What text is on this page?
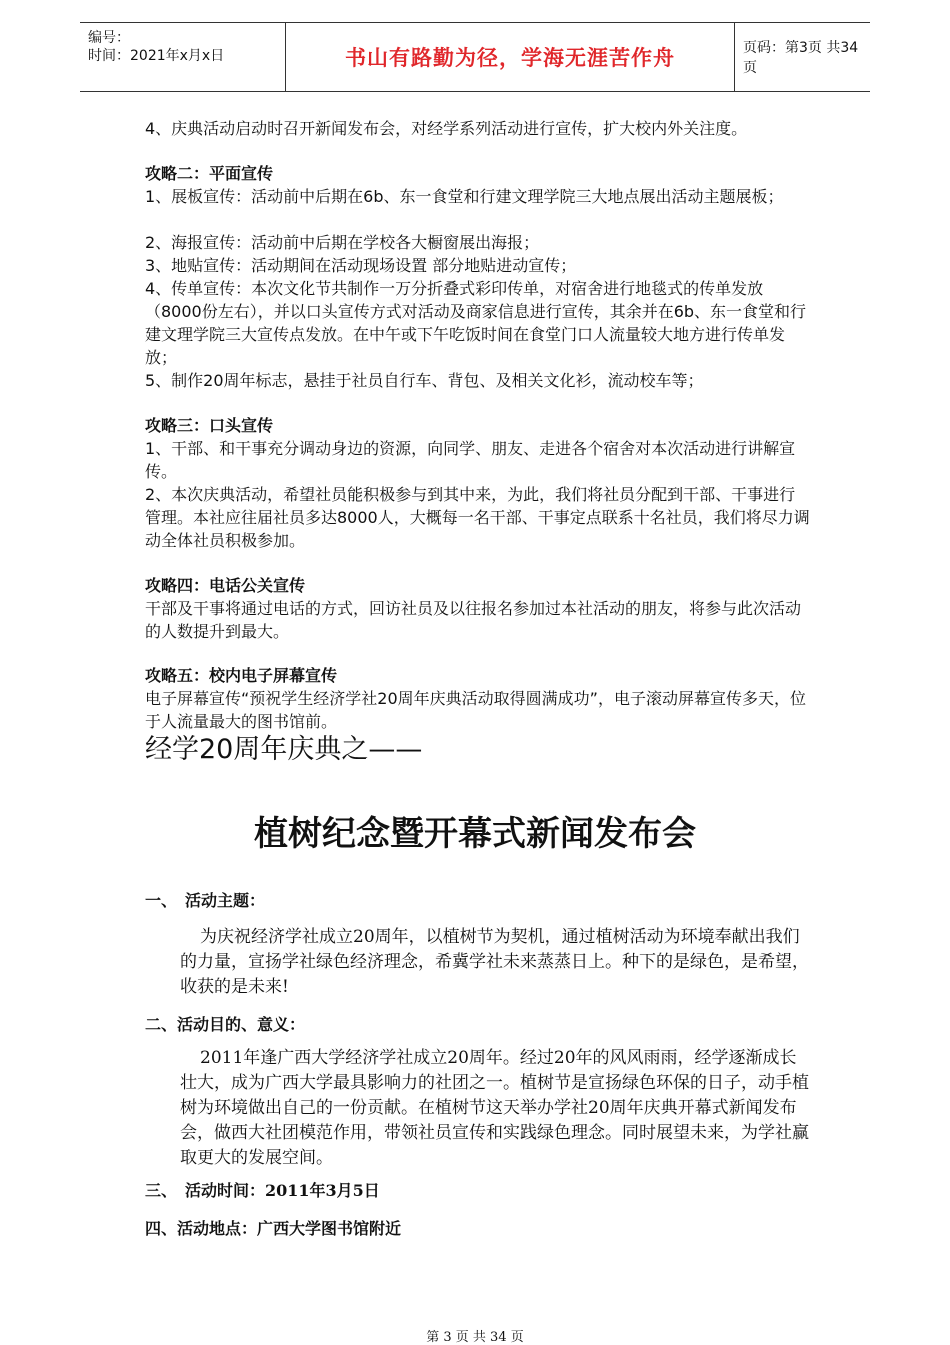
编号：
时间：2021年x月x日	书山有路勤为径，学海无涯苦作舟	页码：第3页 共34页
4、庆典活动启动时召开新闻发布会，对经学系列活动进行宣传，扩大校内外关注度。
攻略二：平面宣传
1、展板宣传：活动前中后期在6b、东一食堂和行建文理学院三大地点展出活动主题展板；
2、海报宣传：活动前中后期在学校各大橱窗展出海报；
3、地贴宣传：活动期间在活动现场设置 部分地贴进动宣传；
4、传单宣传：本次文化节共制作一万分折叠式彩印传单，对宿舍进行地毯式的传单发放（8000份左右），并以口头宣传方式对活动及商家信息进行宣传，其余并在6b、东一食堂和行建文理学院三大宣传点发放。在中午或下午吃饭时间在食堂门口人流量较大地方进行传单发放；
5、制作20周年标志，悬挂于社员自行车、背包、及相关文化衫，流动校车等；
攻略三：口头宣传
1、干部、和干事充分调动身边的资源，向同学、朋友、走进各个宿舍对本次活动进行讲解宣传。
2、本次庆典活动，希望社员能积极参与到其中来，为此，我们将社员分配到干部、干事进行管理。本社应往届社员多达8000人，大概每一名干部、干事定点联系十名社员，我们将尽力调动全体社员积极参加。
攻略四：电话公关宣传
干部及干事将通过电话的方式，回访社员及以往报名参加过本社活动的朋友，将参与此次活动的人数提升到最大。
攻略五：校内电子屏幕宣传
电子屏幕宣传“预祝学生经济学社20周年庆典活动取得圆满成功”，电子滚动屏幕宣传多天，位于人流量最大的图书馆前。
经学20周年庆典之——
植树纪念暨开幕式新闻发布会
一、　活动主题：
为庆祝经济学社成立20周年，以植树节为契机，通过植树活动为环境奉献出我们的力量，宣扬学社绿色经济理念，希冀学社未来蒸蒸日上。种下的是绿色，是希望，收获的是未来!
二、活动目的、意义：
2011年逢广西大学经济学社成立20周年。经过20年的风风雨雨，经学逐渐成长壮大，成为广西大学最具影响力的社团之一。植树节是宣扬绿色环保的日子，动手植树为环境做出自己的一份贡献。在植树节这天举办学社20周年庆典开幕式新闻发布会，做西大社团模范作用，带领社员宣传和实践绿色理念。同时展望未来，为学社赢取更大的发展空间。
三、　活动时间：2011年3月5日
四、活动地点：广西大学图书馆附近
第 3 页 共 34 页
